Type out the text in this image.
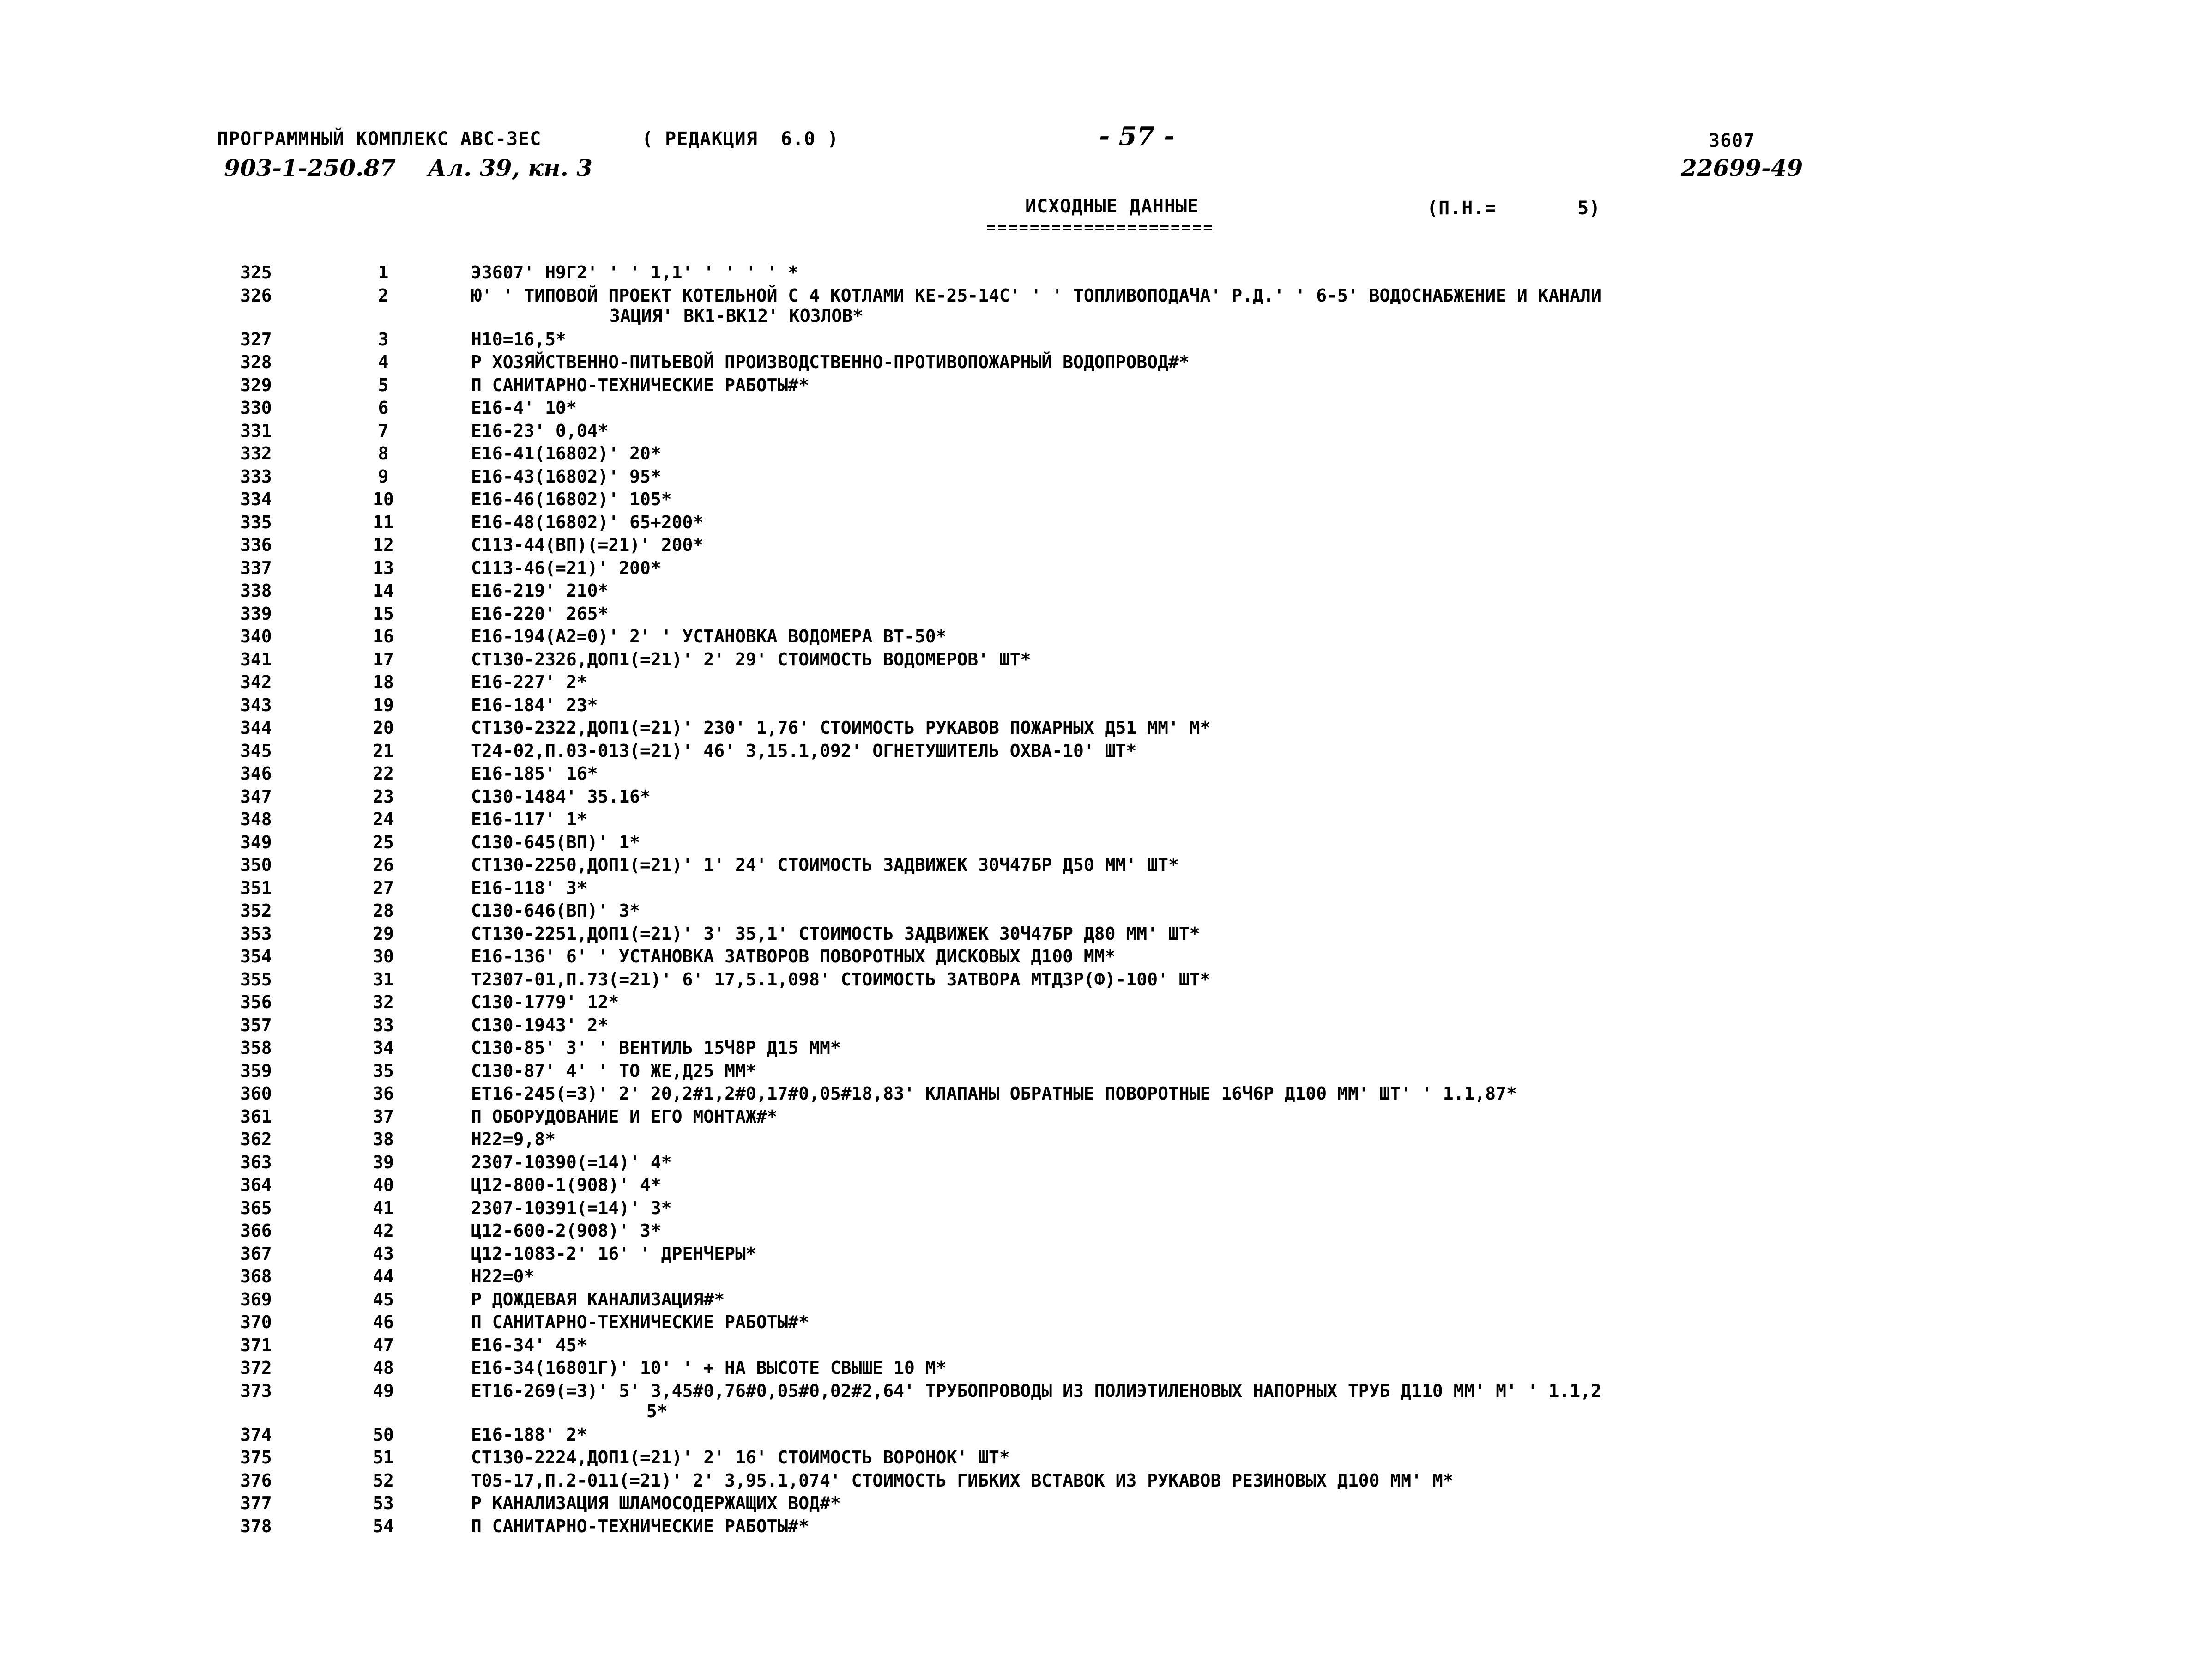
ПРОГРАММНЫЙ КОМПЛЕКС АВС-ЗЕС	( РЕДАКЦИЯ  6.0 )	- 57 -	3607
903-1-250.87    Ал. 39, кн. 3	22699-49
ИСХОДНЫЕ ДАННЫЕ
=====================
(П.Н.=       5)
325	1	Э3607' Н9Г2' ' ' 1,1' ' ' ' ' *
326	2	Ю' ' ТИПОВОЙ ПРОЕКТ КОТЕЛЬНОЙ С 4 КОТЛАМИ КЕ-25-14С' ' ' ТОПЛИВОПОДАЧА' Р.Д.' ' 6-5' ВОДОСНАБЖЕНИЕ И КАНАЛИ
ЗАЦИЯ' ВК1-ВК12' КОЗЛОВ*
327	3	Н10=16,5*
328	4	Р ХОЗЯЙСТВЕННО-ПИТЬЕВОЙ ПРОИЗВОДСТВЕННО-ПРОТИВОПОЖАРНЫЙ ВОДОПРОВОД#*
329	5	П САНИТАРНО-ТЕХНИЧЕСКИЕ РАБОТЫ#*
330	6	Е16-4' 10*
331	7	Е16-23' 0,04*
332	8	Е16-41(16802)' 20*
333	9	Е16-43(16802)' 95*
334	10	Е16-46(16802)' 105*
335	11	Е16-48(16802)' 65+200*
336	12	С113-44(ВП)(=21)' 200*
337	13	С113-46(=21)' 200*
338	14	Е16-219' 210*
339	15	Е16-220' 265*
340	16	Е16-194(А2=0)' 2' ' УСТАНОВКА ВОДОМЕРА ВТ-50*
341	17	СТ130-2326,ДОП1(=21)' 2' 29' СТОИМОСТЬ ВОДОМЕРОВ' ШТ*
342	18	Е16-227' 2*
343	19	Е16-184' 23*
344	20	СТ130-2322,ДОП1(=21)' 230' 1,76' СТОИМОСТЬ РУКАВОВ ПОЖАРНЫХ Д51 ММ' М*
345	21	Т24-02,П.03-013(=21)' 46' 3,15.1,092' ОГНЕТУШИТЕЛЬ ОХВА-10' ШТ*
346	22	Е16-185' 16*
347	23	С130-1484' 35.16*
348	24	Е16-117' 1*
349	25	С130-645(ВП)' 1*
350	26	СТ130-2250,ДОП1(=21)' 1' 24' СТОИМОСТЬ ЗАДВИЖЕК 30Ч47БР Д50 ММ' ШТ*
351	27	Е16-118' 3*
352	28	С130-646(ВП)' 3*
353	29	СТ130-2251,ДОП1(=21)' 3' 35,1' СТОИМОСТЬ ЗАДВИЖЕК 30Ч47БР Д80 ММ' ШТ*
354	30	Е16-136' 6' ' УСТАНОВКА ЗАТВОРОВ ПОВОРОТНЫХ ДИСКОВЫХ Д100 ММ*
355	31	Т2307-01,П.73(=21)' 6' 17,5.1,098' СТОИМОСТЬ ЗАТВОРА МТДЗР(Ф)-100' ШТ*
356	32	С130-1779' 12*
357	33	С130-1943' 2*
358	34	С130-85' 3' ' ВЕНТИЛЬ 15Ч8Р Д15 ММ*
359	35	С130-87' 4' ' ТО ЖЕ,Д25 ММ*
360	36	ЕТ16-245(=3)' 2' 20,2#1,2#0,17#0,05#18,83' КЛАПАНЫ ОБРАТНЫЕ ПОВОРОТНЫЕ 16Ч6Р Д100 ММ' ШТ' ' 1.1,87*
361	37	П ОБОРУДОВАНИЕ И ЕГО МОНТАЖ#*
362	38	Н22=9,8*
363	39	2307-10390(=14)' 4*
364	40	Ц12-800-1(908)' 4*
365	41	2307-10391(=14)' 3*
366	42	Ц12-600-2(908)' 3*
367	43	Ц12-1083-2' 16' ' ДРЕНЧЕРЫ*
368	44	Н22=0*
369	45	Р ДОЖДЕВАЯ КАНАЛИЗАЦИЯ#*
370	46	П САНИТАРНО-ТЕХНИЧЕСКИЕ РАБОТЫ#*
371	47	Е16-34' 45*
372	48	Е16-34(16801Г)' 10' ' + НА ВЫСОТЕ СВЫШЕ 10 М*
373	49	ЕТ16-269(=3)' 5' 3,45#0,76#0,05#0,02#2,64' ТРУБОПРОВОДЫ ИЗ ПОЛИЭТИЛЕНОВЫХ НАПОРНЫХ ТРУБ Д110 ММ' М' ' 1.1,2
5*
374	50	Е16-188' 2*
375	51	СТ130-2224,ДОП1(=21)' 2' 16' СТОИМОСТЬ ВОРОНОК' ШТ*
376	52	Т05-17,П.2-011(=21)' 2' 3,95.1,074' СТОИМОСТЬ ГИБКИХ ВСТАВОК ИЗ РУКАВОВ РЕЗИНОВЫХ Д100 ММ' М*
377	53	Р КАНАЛИЗАЦИЯ ШЛАМОСОДЕРЖАЩИХ ВОД#*
378	54	П САНИТАРНО-ТЕХНИЧЕСКИЕ РАБОТЫ#*
